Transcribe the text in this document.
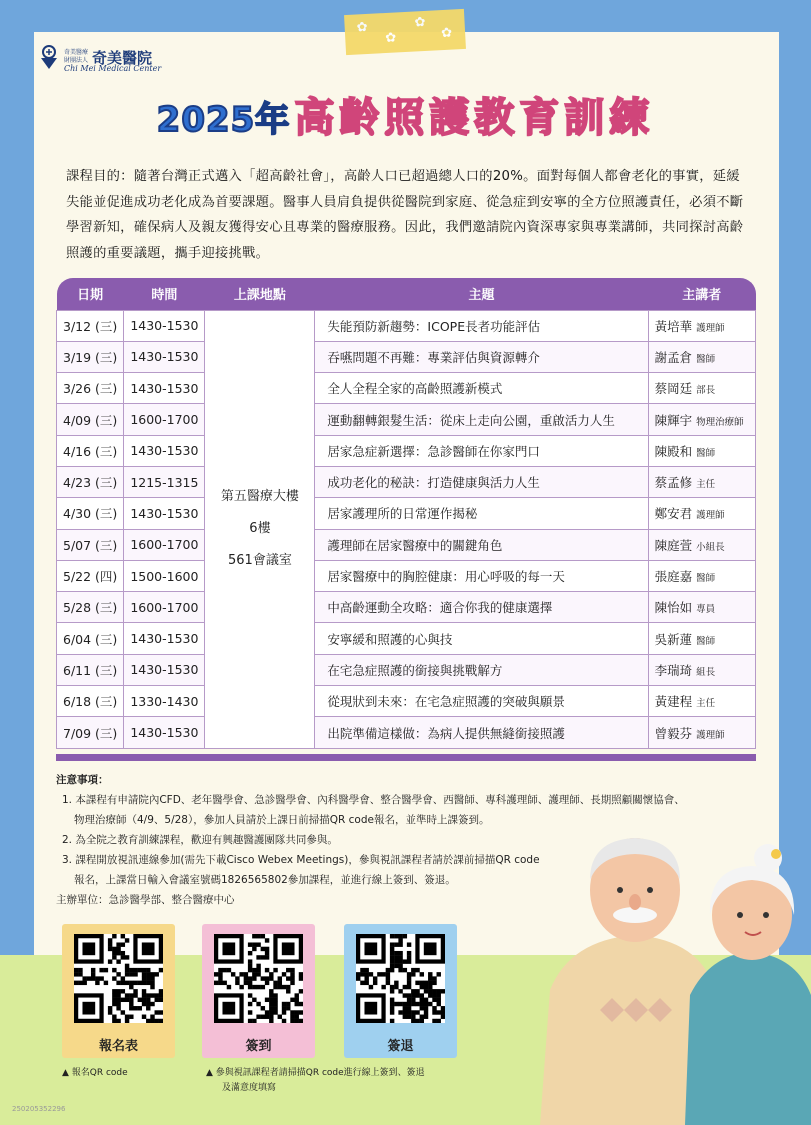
✿
✿
✿
✿
奇美醫療
財團法人 奇美醫院
Chi Mei Medical Center
2025年 高齡照護教育訓練
課程目的：隨著台灣正式邁入「超高齡社會」，高齡人口已超過總人口的20%。面對每個人都會老化的事實，延緩失能並促進成功老化成為首要課題。醫事人員肩負提供從醫院到家庭、從急症到安寧的全方位照護責任，必須不斷學習新知，確保病人及親友獲得安心且專業的醫療服務。因此，我們邀請院內資深專家與專業講師，共同探討高齡照護的重要議題，攜手迎接挑戰。
日期	時間	上課地點	主題	主講者
3/12 (三)	1430-1530	第五醫療大樓
6樓
561會議室	失能預防新趨勢：ICOPE長者功能評估	黃培華 護理師
3/19 (三)	1430-1530		吞嚥問題不再難：專業評估與資源轉介	謝孟倉 醫師
3/26 (三)	1430-1530		全人全程全家的高齡照護新模式	蔡岡廷 部長
4/09 (三)	1600-1700		運動翻轉銀髮生活：從床上走向公園，重啟活力人生	陳輝宇 物理治療師
4/16 (三)	1430-1530		居家急症新選擇：急診醫師在你家門口	陳殿和 醫師
4/23 (三)	1215-1315		成功老化的秘訣：打造健康與活力人生	蔡孟修 主任
4/30 (三)	1430-1530		居家護理所的日常運作揭秘	鄭安君 護理師
5/07 (三)	1600-1700		護理師在居家醫療中的關鍵角色	陳庭萱 小組長
5/22 (四)	1500-1600		居家醫療中的胸腔健康：用心呼吸的每一天	張庭嘉 醫師
5/28 (三)	1600-1700		中高齡運動全攻略：適合你我的健康選擇	陳怡如 專員
6/04 (三)	1430-1530		安寧緩和照護的心與技	吳新蓮 醫師
6/11 (三)	1430-1530		在宅急症照護的銜接與挑戰解方	李瑞琦 組長
6/18 (三)	1330-1430		從現狀到未來：在宅急症照護的突破與願景	黃建程 主任
7/09 (三)	1430-1530		出院準備這樣做：為病人提供無縫銜接照護	曾毅芬 護理師
注意事項：
1. 本課程有申請院內CFD、老年醫學會、急診醫學會、內科醫學會、整合醫學會、西醫師、專科護理師、護理師、長期照顧關懷協會、
物理治療師（4/9、5/28），參加人員請於上課日前掃描QR code報名，並準時上課簽到。
2. 為全院之教育訓練課程，歡迎有興趣醫護團隊共同參與。
3. 課程開放視訊連線參加(需先下載Cisco Webex Meetings)，參與視訊課程者請於課前掃描QR code
報名，上課當日輸入會議室號碼1826565802參加課程，並進行線上簽到、簽退。
主辦單位：急診醫學部、整合醫療中心
報名表	簽到	簽退
▲ 報名QR code	▲ 參與視訊課程者請掃描QR code進行線上簽到、簽退
及滿意度填寫
250205352296
